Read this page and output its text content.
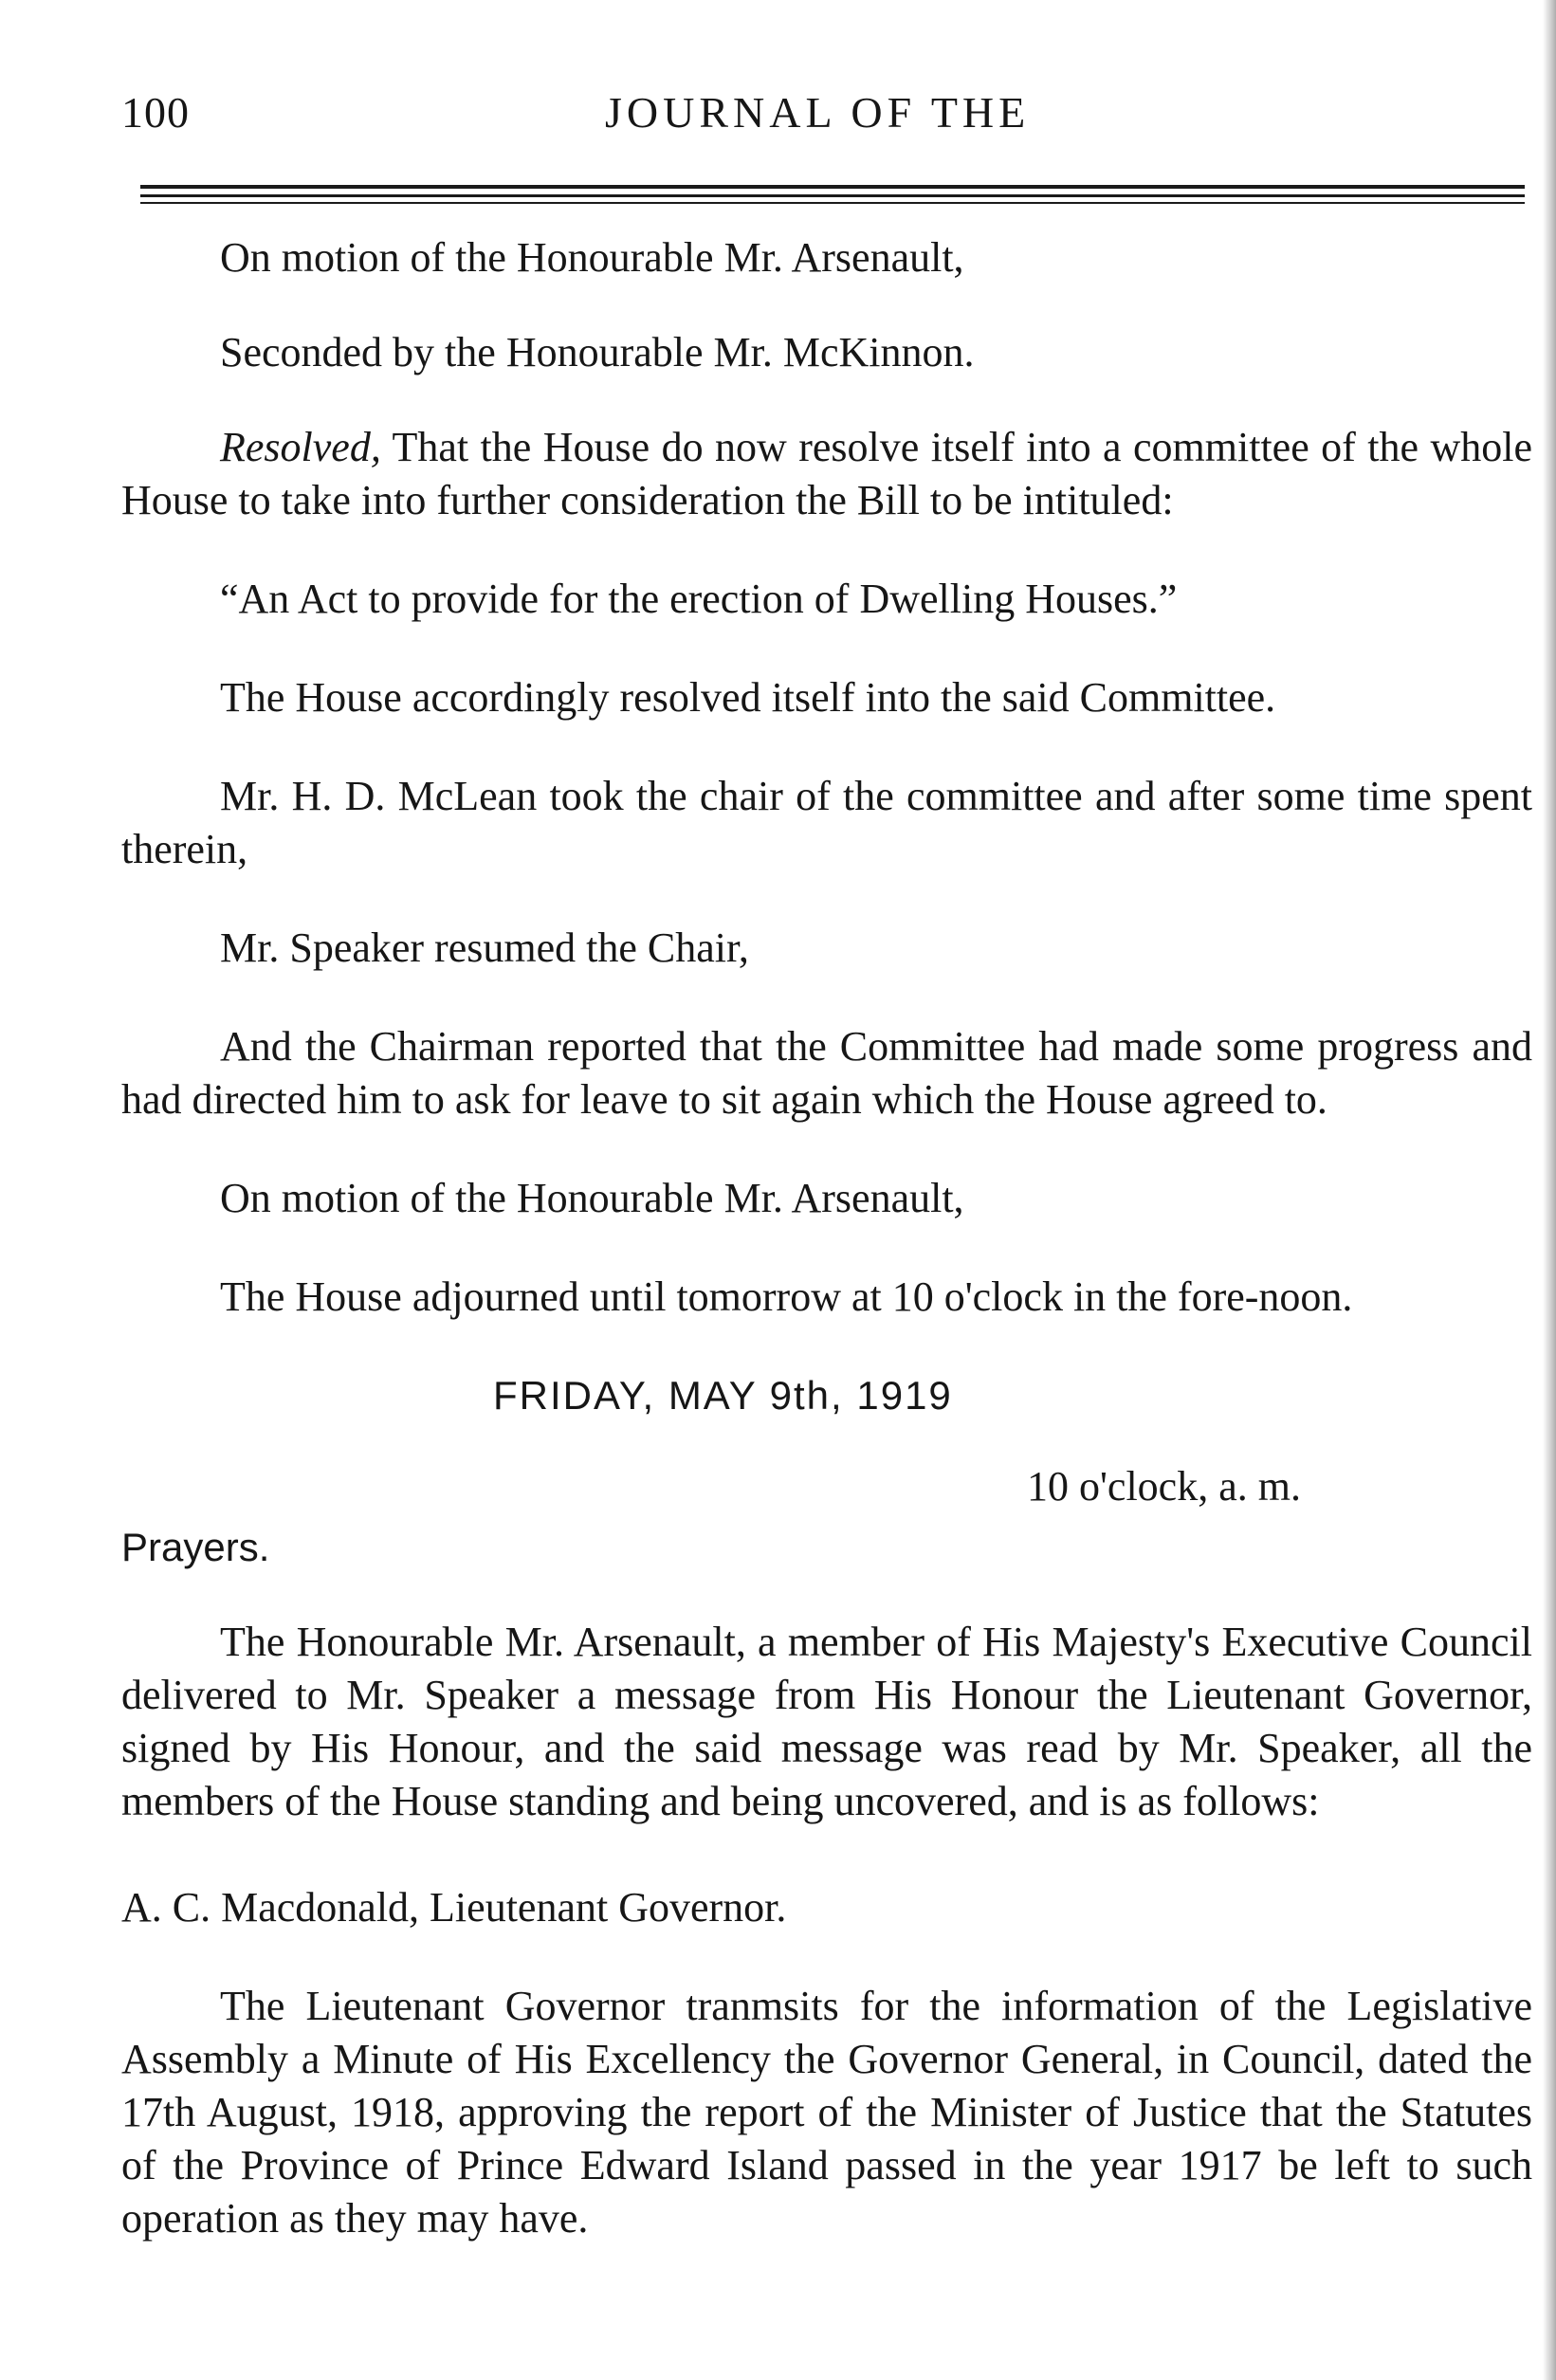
100	JOURNAL OF THE

On motion of the Honourable Mr. Arsenault,

Seconded by the Honourable Mr. McKinnon.

Resolved, That the House do now resolve itself into a committee of the whole House to take into further consideration the Bill to be intituled:

“An Act to provide for the erection of Dwelling Houses.”

The House accordingly resolved itself into the said Committee.

Mr. H. D. McLean took the chair of the committee and after some time spent therein,

Mr. Speaker resumed the Chair,

And the Chairman reported that the Committee had made some progress and had directed him to ask for leave to sit again which the House agreed to.

On motion of the Honourable Mr. Arsenault,

The House adjourned until tomorrow at 10 o'clock in the fore-noon.

FRIDAY, MAY 9th, 1919

10 o'clock, a. m.

Prayers.

The Honourable Mr. Arsenault, a member of His Majesty's Executive Council delivered to Mr. Speaker a message from His Honour the Lieutenant Governor, signed by His Honour, and the said message was read by Mr. Speaker, all the members of the House standing and being uncovered, and is as follows:

A. C. Macdonald, Lieutenant Governor.

The Lieutenant Governor tranmsits for the information of the Legislative Assembly a Minute of His Excellency the Governor General, in Council, dated the 17th August, 1918, approving the report of the Minister of Justice that the Statutes of the Province of Prince Edward Island passed in the year 1917 be left to such operation as they may have.
